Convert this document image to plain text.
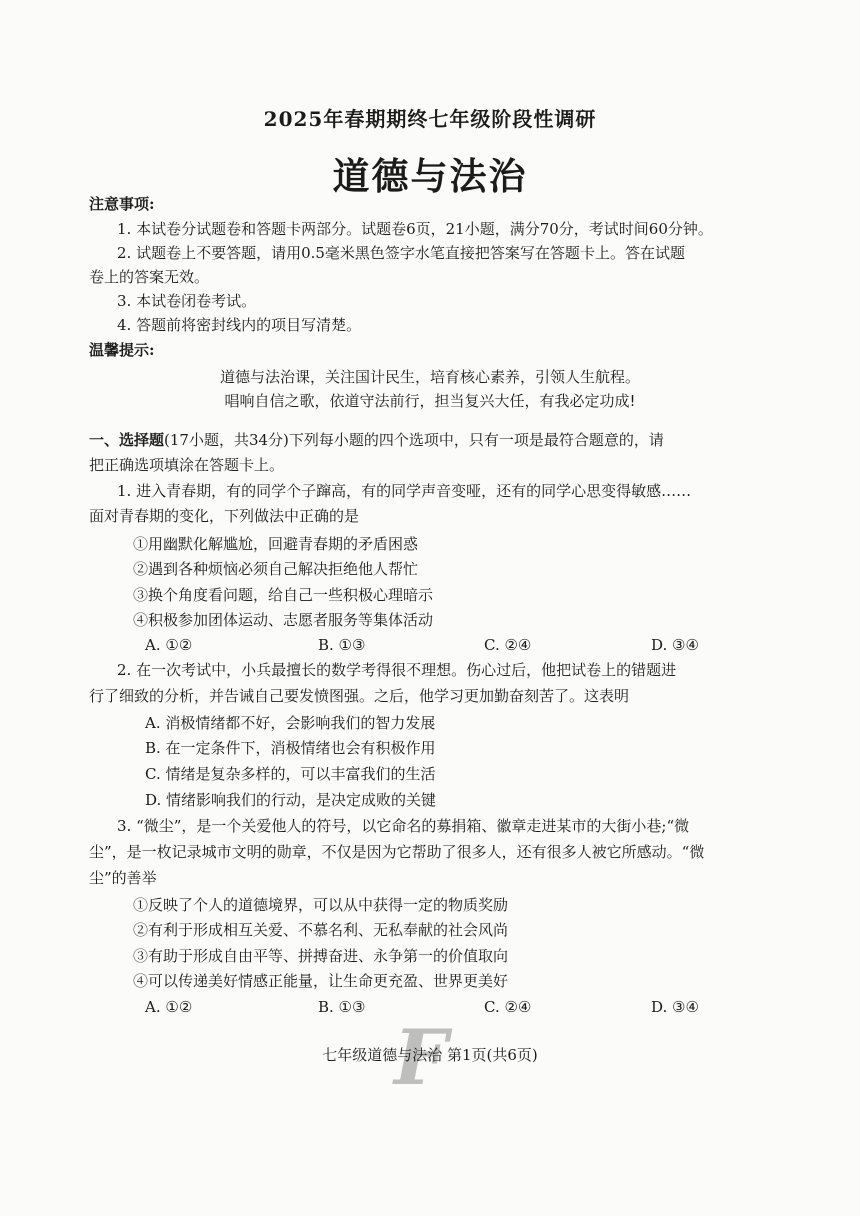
2025年春期期终七年级阶段性调研
道德与法治
注意事项:
1. 本试卷分试题卷和答题卡两部分。试题卷6页，21小题，满分70分，考试时间60分钟。
2. 试题卷上不要答题，请用0.5毫米黑色签字水笔直接把答案写在答题卡上。答在试题
卷上的答案无效。
3. 本试卷闭卷考试。
4. 答题前将密封线内的项目写清楚。
温馨提示:
道德与法治课，关注国计民生，培育核心素养，引领人生航程。
唱响自信之歌，依道守法前行，担当复兴大任，有我必定功成!
一、选择题(17小题，共34分)下列每小题的四个选项中，只有一项是最符合题意的，请
把正确选项填涂在答题卡上。
1. 进入青春期，有的同学个子蹿高，有的同学声音变哑，还有的同学心思变得敏感……
面对青春期的变化，下列做法中正确的是
①用幽默化解尴尬，回避青春期的矛盾困惑
②遇到各种烦恼必须自己解决拒绝他人帮忙
③换个角度看问题，给自己一些积极心理暗示
④积极参加团体运动、志愿者服务等集体活动
A. ①②	B. ①③	C. ②④	D. ③④
2. 在一次考试中，小兵最擅长的数学考得很不理想。伤心过后，他把试卷上的错题进
行了细致的分析，并告诫自己要发愤图强。之后，他学习更加勤奋刻苦了。这表明
A. 消极情绪都不好，会影响我们的智力发展
B. 在一定条件下，消极情绪也会有积极作用
C. 情绪是复杂多样的，可以丰富我们的生活
D. 情绪影响我们的行动，是决定成败的关键
3. “微尘”，是一个关爱他人的符号，以它命名的募捐箱、徽章走进某市的大街小巷;“微
尘”，是一枚记录城市文明的勋章，不仅是因为它帮助了很多人，还有很多人被它所感动。“微
尘”的善举
①反映了个人的道德境界，可以从中获得一定的物质奖励
②有利于形成相互关爱、不慕名利、无私奉献的社会风尚
③有助于形成自由平等、拼搏奋进、永争第一的价值取向
④可以传递美好情感正能量，让生命更充盈、世界更美好
A. ①②	B. ①③	C. ②④	D. ③④
F
七年级道德与法治 第1页(共6页)
